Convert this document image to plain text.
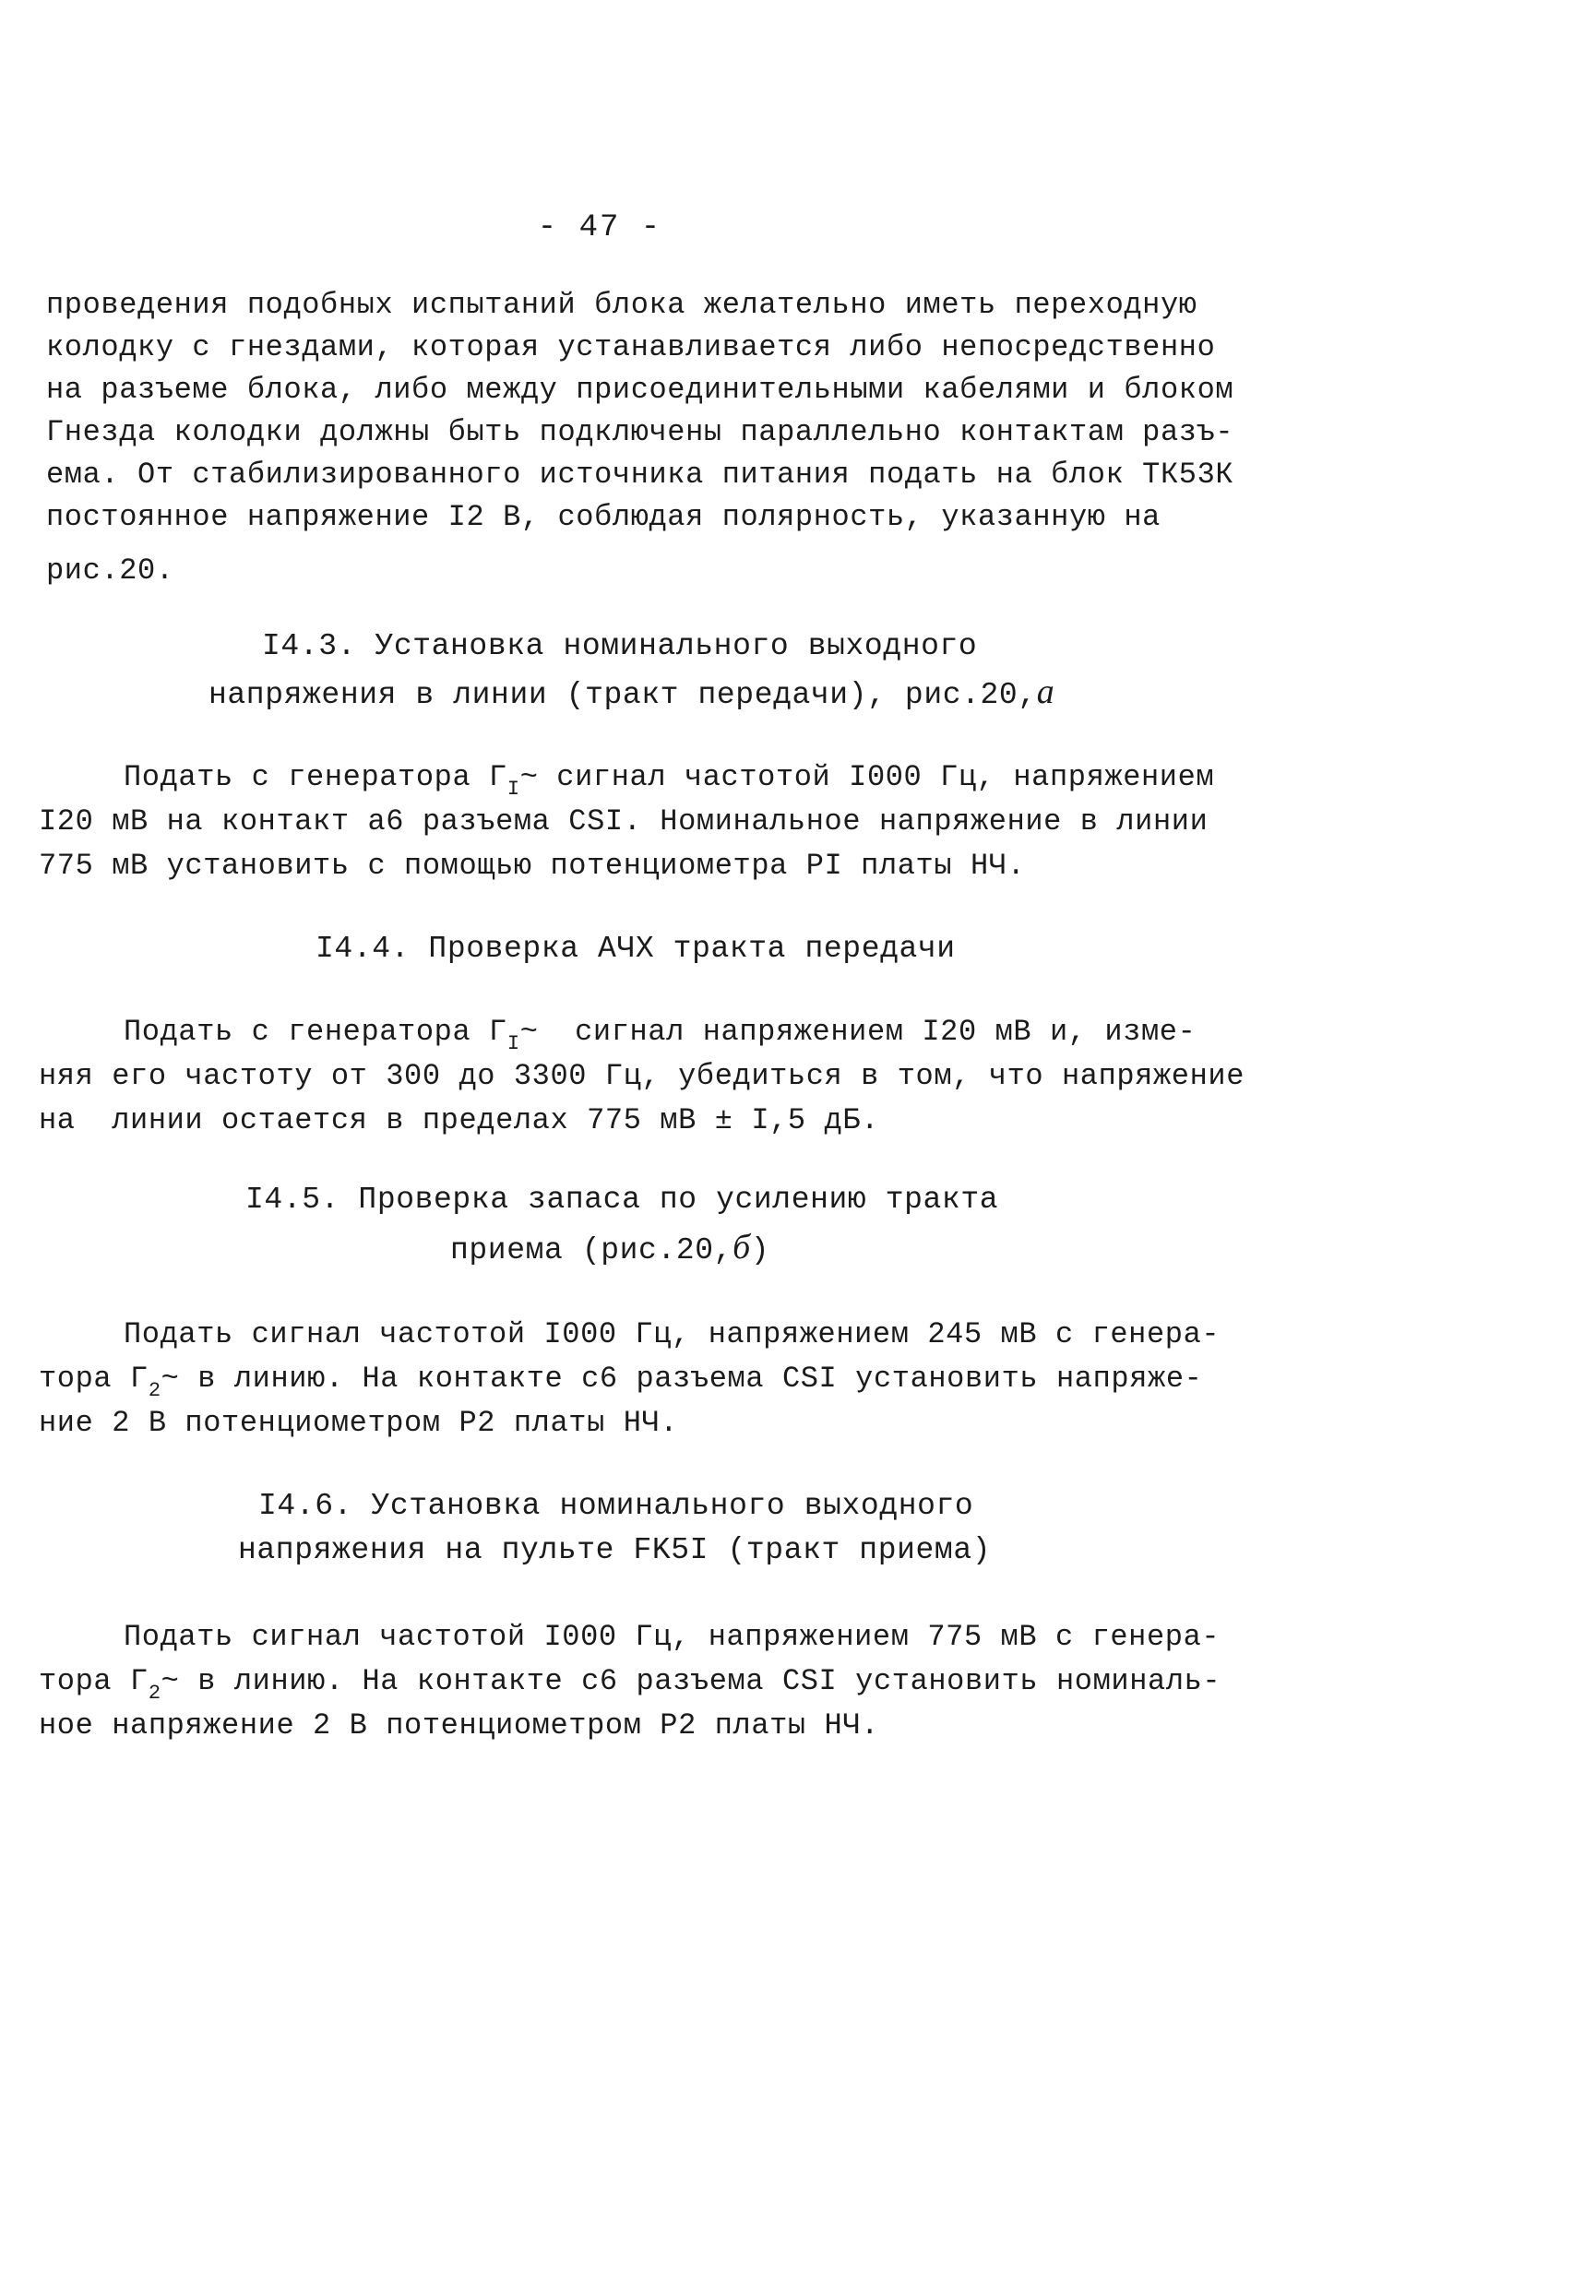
- 47 -
проведения подобных испытаний блока желательно иметь переходную
колодку с гнездами, которая устанавливается либо непосредственно
на разъеме блока, либо между присоединительными кабелями и блоком
Гнезда колодки должны быть подключены параллельно контактам разъ-
ема. От стабилизированного источника питания подать на блок ТК53К
постоянное напряжение I2 В, соблюдая полярность, указанную на
рис.20.
I4.3. Установка номинального выходного
напряжения в линии (тракт передачи), рис.20,а
Подать с генератора $Г_I\sim$ сигнал частотой I000 Гц, напряжением
I20 мВ на контакт а6 разъема CSI. Номинальное напряжение в линии
775 мВ установить с помощью потенциометра PI платы НЧ.
I4.4. Проверка АЧХ тракта передачи
Подать с генератора $Г_I\sim$  сигнал напряжением I20 мВ и, изме-
няя его частоту от 300 до 3300 Гц, убедиться в том, что напряжение
на  линии остается в пределах 775 мВ ± I,5 дБ.
I4.5. Проверка запаса по усилению тракта
приема (рис.20,б)
Подать сигнал частотой I000 Гц, напряжением 245 мВ с генера-
тора $Г_2\sim$ в линию. На контакте с6 разъема CSI установить напряже-
ние 2 В потенциометром Р2 платы НЧ.
I4.6. Установка номинального выходного
напряжения на пульте FK5I (тракт приема)
Подать сигнал частотой I000 Гц, напряжением 775 мВ с генера-
тора $Г_2\sim$ в линию. На контакте с6 разъема CSI установить номиналь-
ное напряжение 2 В потенциометром Р2 платы НЧ.
